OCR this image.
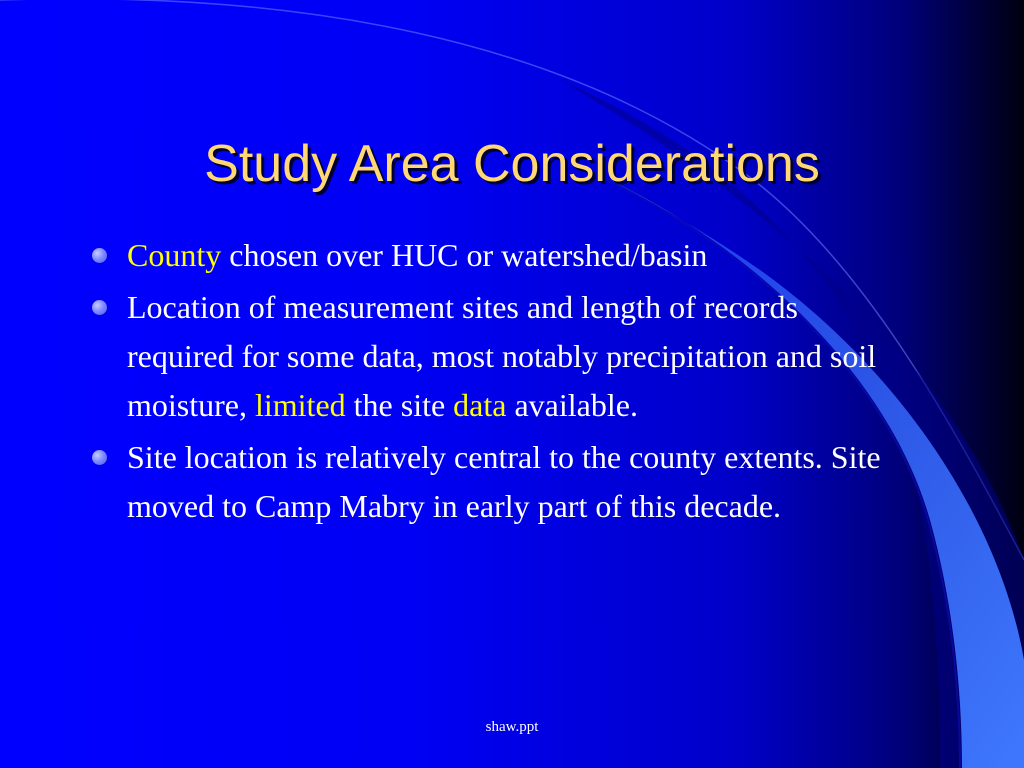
Study Area Considerations
County chosen over HUC or watershed/basin
Location of measurement sites and length of records required for some data, most notably precipitation and soil moisture, limited the site data available.
Site location is relatively central to the county extents. Site moved to Camp Mabry in early part of this decade.
shaw.ppt
